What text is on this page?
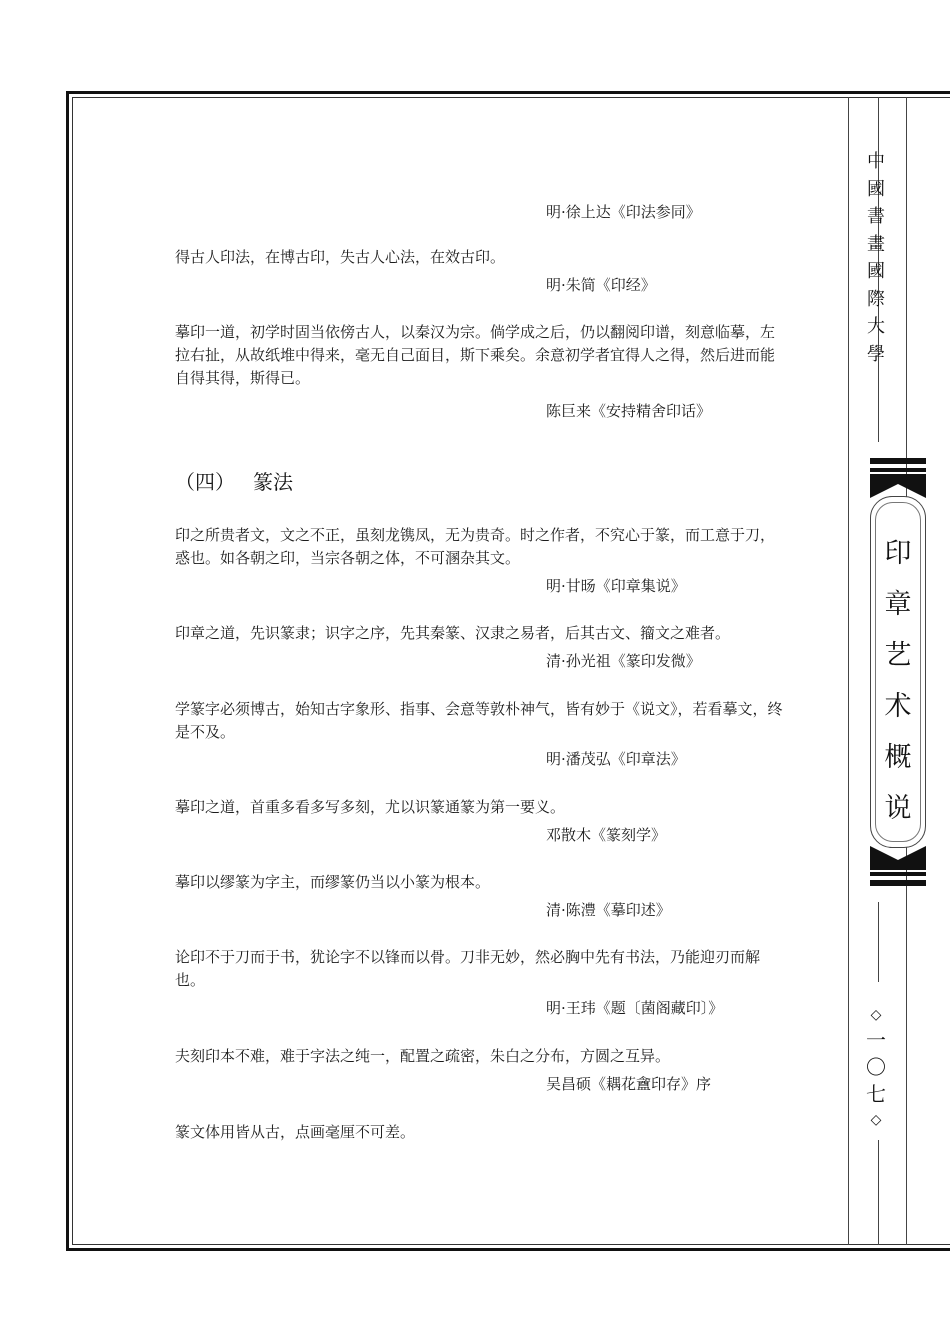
中
國
書
畫
國
際
大
學
印
章
艺
术
概
说
◇
一
〇
七
◇
明·徐上达《印法参同》

得古人印法，在博古印，失古人心法，在效古印。

明·朱简《印经》

摹印一道，初学时固当依傍古人，以秦汉为宗。倘学成之后，仍以翻阅印谱，刻意临摹，左拉右扯，从故纸堆中得来，毫无自己面目，斯下乘矣。余意初学者宜得人之得，然后进而能自得其得，斯得已。

陈巨来《安持精舍印话》
（四） 篆法

印之所贵者文，文之不正，虽刻龙镌凤，无为贵奇。时之作者，不究心于篆，而工意于刀，惑也。如各朝之印，当宗各朝之体，不可溷杂其文。

明·甘旸《印章集说》

印章之道，先识篆隶；识字之序，先其秦篆、汉隶之易者，后其古文、籀文之难者。

清·孙光祖《篆印发微》

学篆字必须博古，始知古字象形、指事、会意等敦朴神气，皆有妙于《说文》，若看摹文，终是不及。

明·潘茂弘《印章法》

摹印之道，首重多看多写多刻，尤以识篆通篆为第一要义。

邓散木《篆刻学》

摹印以缪篆为字主，而缪篆仍当以小篆为根本。

清·陈澧《摹印述》

论印不于刀而于书，犹论字不以锋而以骨。刀非无妙，然必胸中先有书法，乃能迎刃而解也。

明·王玮《题〔菌阁藏印〕》

夫刻印本不难，难于字法之纯一，配置之疏密，朱白之分布，方圆之互异。

吴昌硕《耦花盦印存》序

篆文体用皆从古，点画毫厘不可差。
